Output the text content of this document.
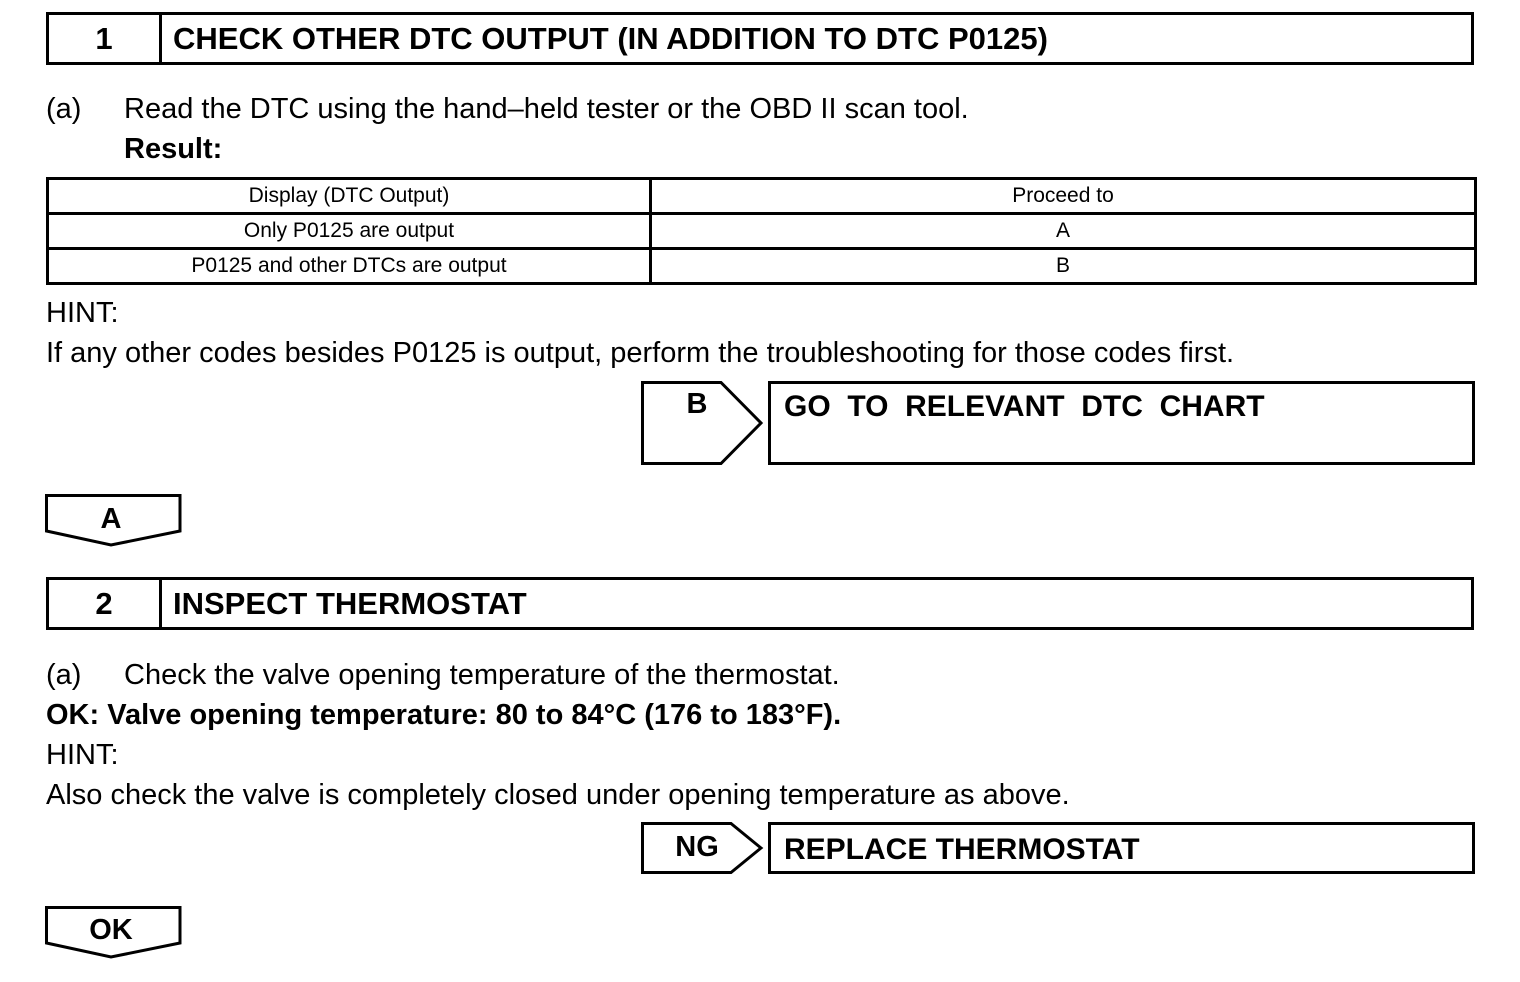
1	CHECK OTHER DTC OUTPUT (IN ADDITION TO DTC P0125)
(a) Read the DTC using the hand–held tester or the OBD II scan tool.
Result:
Display (DTC Output)	Proceed to
Only P0125 are output	A
P0125 and other DTCs are output	B
HINT:
If any other codes besides P0125 is output, perform the troubleshooting for those codes first.
B	GO  TO  RELEVANT  DTC  CHART
A
2	INSPECT THERMOSTAT
(a) Check the valve opening temperature of the thermostat.
OK: Valve opening temperature: 80 to 84°C (176 to 183°F).
HINT:
Also check the valve is completely closed under opening temperature as above.
NG	REPLACE THERMOSTAT
OK
